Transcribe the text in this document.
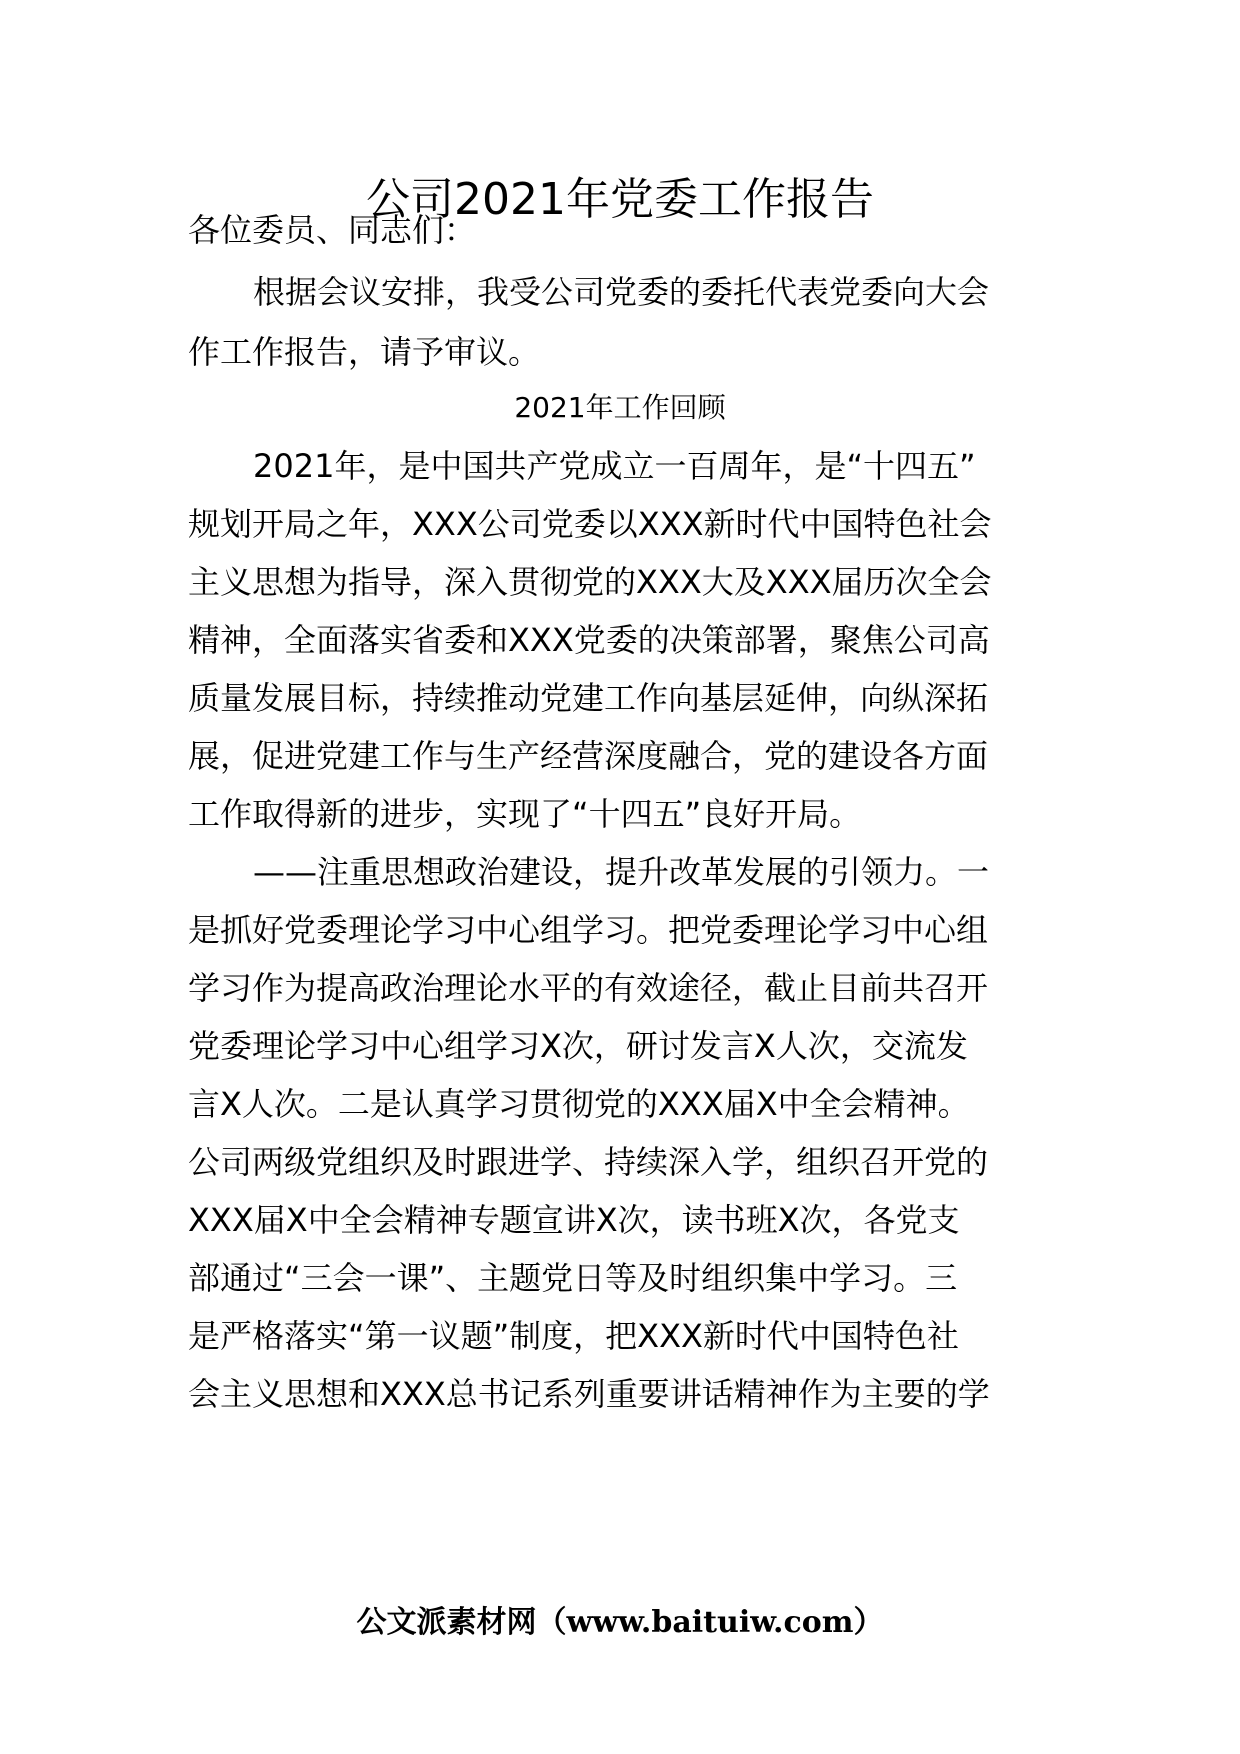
公司2021年党委工作报告
各位委员、同志们：
根据会议安排，我受公司党委的委托代表党委向大会
作工作报告，请予审议。
2021年工作回顾
2021年，是中国共产党成立一百周年，是“十四五”
规划开局之年，XXX公司党委以XXX新时代中国特色社会
主义思想为指导，深入贯彻党的XXX大及XXX届历次全会
精神，全面落实省委和XXX党委的决策部署，聚焦公司高
质量发展目标，持续推动党建工作向基层延伸，向纵深拓
展，促进党建工作与生产经营深度融合，党的建设各方面
工作取得新的进步，实现了“十四五”良好开局。
——注重思想政治建设，提升改革发展的引领力。一
是抓好党委理论学习中心组学习。把党委理论学习中心组
学习作为提高政治理论水平的有效途径，截止目前共召开
党委理论学习中心组学习X次，研讨发言X人次，交流发
言X人次。二是认真学习贯彻党的XXX届X中全会精神。
公司两级党组织及时跟进学、持续深入学，组织召开党的
XXX届X中全会精神专题宣讲X次，读书班X次，各党支
部通过“三会一课”、主题党日等及时组织集中学习。三
是严格落实“第一议题”制度，把XXX新时代中国特色社
会主义思想和XXX总书记系列重要讲话精神作为主要的学
公文派素材网（www.baituiw.com）
